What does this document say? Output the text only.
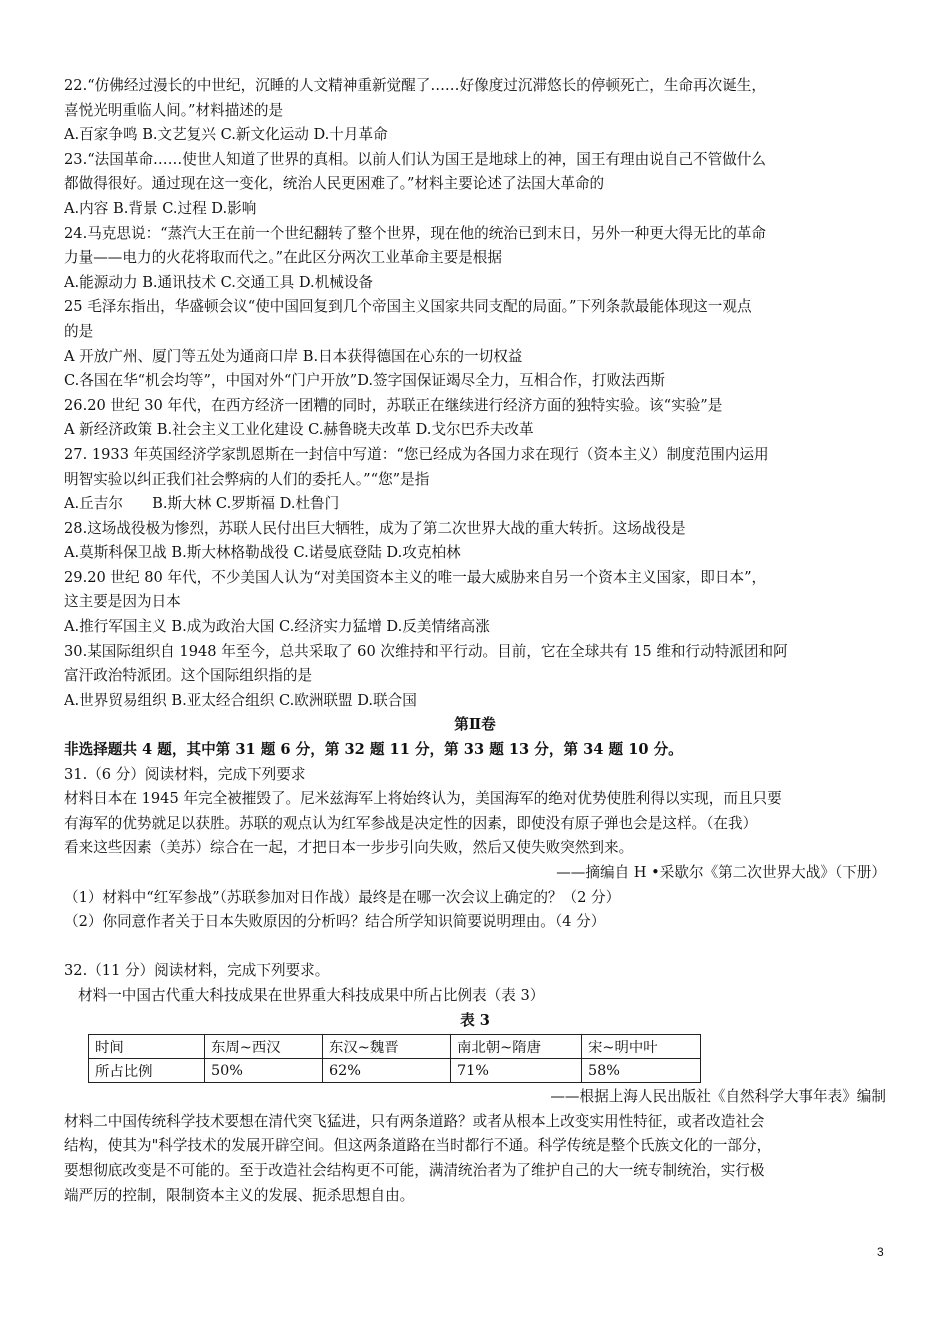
22.“仿佛经过漫长的中世纪，沉睡的人文精神重新觉醒了……好像度过沉滞悠长的停顿死亡，生命再次诞生，
喜悦光明重临人间。”材料描述的是
A.百家争鸣 B.文艺复兴 C.新文化运动 D.十月革命
23.“法国革命……使世人知道了世界的真相。以前人们认为国王是地球上的神，国王有理由说自己不管做什么
都做得很好。通过现在这一变化，统治人民更困难了。”材料主要论述了法国大革命的
A.内容 B.背景 C.过程 D.影响
24.马克思说：“蒸汽大王在前一个世纪翻转了整个世界，现在他的统治已到末日，另外一种更大得无比的革命
力量——电力的火花将取而代之。”在此区分两次工业革命主要是根据
A.能源动力 B.通讯技术 C.交通工具 D.机械设备
25 毛泽东指出，华盛顿会议“使中国回复到几个帝国主义国家共同支配的局面。”下列条款最能体现这一观点
的是
A 开放广州、厦门等五处为通商口岸 B.日本获得德国在心东的一切权益
C.各国在华“机会均等”，中国对外“门户开放”D.签字国保证竭尽全力，互相合作，打败法西斯
26.20 世纪 30 年代，在西方经济一团糟的同时，苏联正在继续进行经济方面的独特实验。该“实验”是
A 新经济政策 B.社会主义工业化建设 C.赫鲁晓夫改革 D.戈尔巴乔夫改革
27. 1933 年英国经济学家凯恩斯在一封信中写道：“您已经成为各国力求在现行（资本主义）制度范围内运用
明智实验以纠正我们社会弊病的人们的委托人。”“您”是指
A.丘吉尔　　B.斯大林 C.罗斯福 D.杜鲁门
28.这场战役极为惨烈，苏联人民付出巨大牺牲，成为了第二次世界大战的重大转折。这场战役是
A.莫斯科保卫战 B.斯大林格勒战役 C.诺曼底登陆 D.攻克柏林
29.20 世纪 80 年代，不少美国人认为“对美国资本主义的唯一最大威胁来自另一个资本主义国家，即日本”，
这主要是因为日本
A.推行军国主义 B.成为政治大国 C.经济实力猛增 D.反美情绪高涨
30.某国际组织自 1948 年至今，总共采取了 60 次维持和平行动。目前，它在全球共有 15 维和行动特派团和阿
富汗政治特派团。这个国际组织指的是
A.世界贸易组织 B.亚太经合组织 C.欧洲联盟 D.联合国
第Ⅱ卷
非选择题共 4 题，其中第 31 题 6 分，第 32 题 11 分，第 33 题 13 分，第 34 题 10 分。
31.（6 分）阅读材料，完成下列要求
材料日本在 1945 年完全被摧毁了。尼米兹海军上将始终认为，美国海军的绝对优势使胜利得以实现，而且只要
有海军的优势就足以获胜。苏联的观点认为红军参战是决定性的因素，即使没有原子弹也会是这样。（在我）
看来这些因素（美苏）综合在一起，才把日本一步步引向失败，然后又使失败突然到来。
——摘编自 H •采歇尔《第二次世界大战》（下册）
（1）材料中“红军参战”（苏联参加对日作战）最终是在哪一次会议上确定的？（2 分）
（2）你同意作者关于日本失败原因的分析吗？结合所学知识简要说明理由。（4 分）
32.（11 分）阅读材料，完成下列要求。
材料一中国古代重大科技成果在世界重大科技成果中所占比例表（表 3）
表 3
时间	东周~西汉	东汉~魏晋	南北朝~隋唐	宋~明中叶
所占比例	50%	62%	71%	58%
——根据上海人民出版社《自然科学大事年表》编制
材料二中国传统科学技术要想在清代突飞猛进，只有两条道路？或者从根本上改变实用性特征，或者改造社会
结构，使其为"科学技术的发展开辟空间。但这两条道路在当时都行不通。科学传统是整个氏族文化的一部分，
要想彻底改变是不可能的。至于改造社会结构更不可能，满清统治者为了维护自己的大一统专制统治，实行极
端严厉的控制，限制资本主义的发展、扼杀思想自由。
3
